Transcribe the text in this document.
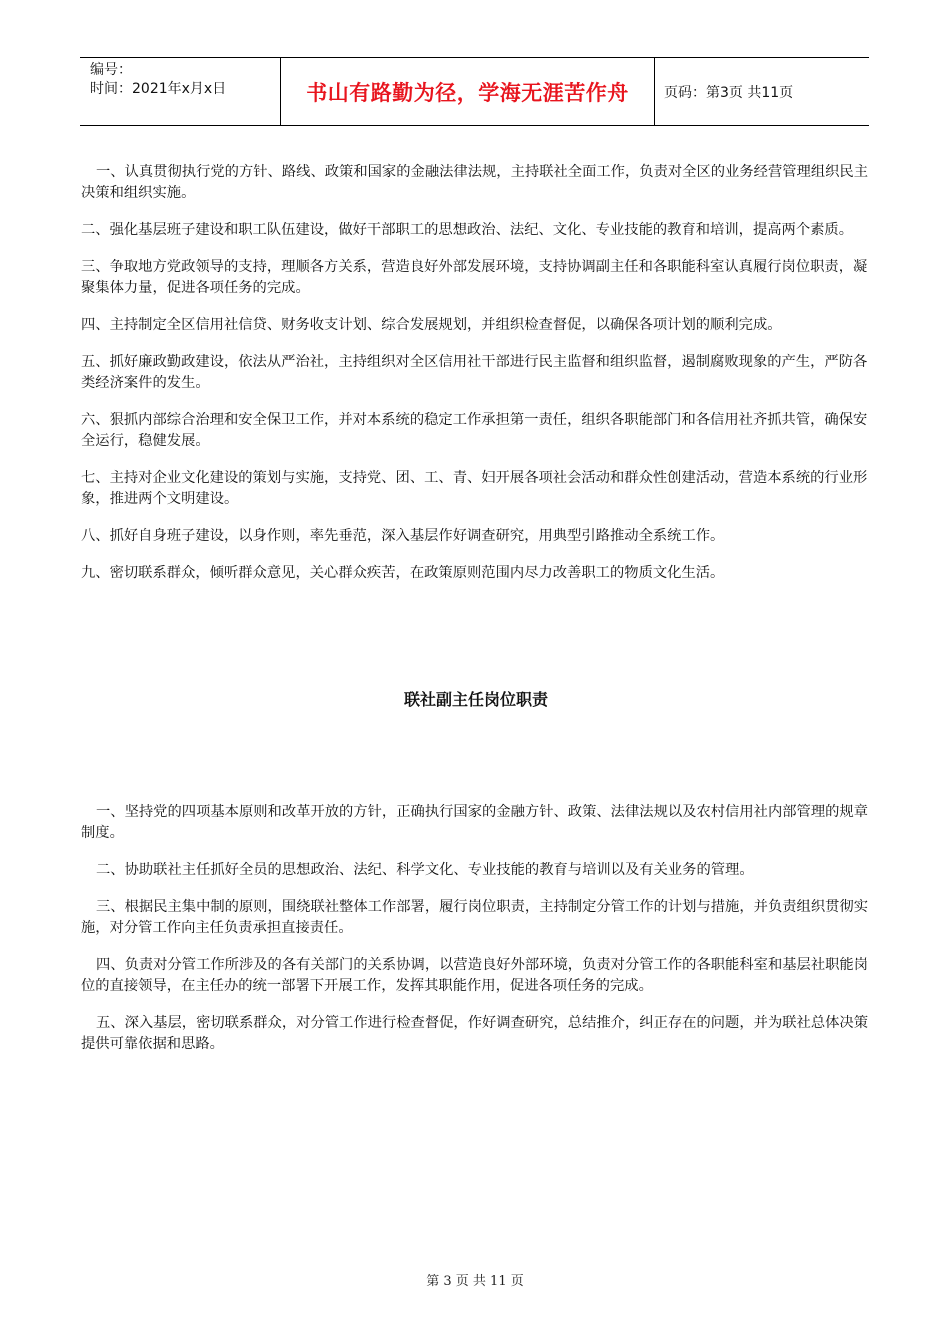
编号：
时间：2021年x月x日	书山有路勤为径，学海无涯苦作舟	页码：第3页 共11页

一、认真贯彻执行党的方针、路线、政策和国家的金融法律法规，主持联社全面工作，负责对全区的业务经营管理组织民主决策和组织实施。

二、强化基层班子建设和职工队伍建设，做好干部职工的思想政治、法纪、文化、专业技能的教育和培训，提高两个素质。

三、争取地方党政领导的支持，理顺各方关系，营造良好外部发展环境，支持协调副主任和各职能科室认真履行岗位职责，凝聚集体力量，促进各项任务的完成。

四、主持制定全区信用社信贷、财务收支计划、综合发展规划，并组织检查督促，以确保各项计划的顺利完成。

五、抓好廉政勤政建设，依法从严治社，主持组织对全区信用社干部进行民主监督和组织监督，遏制腐败现象的产生，严防各类经济案件的发生。

六、狠抓内部综合治理和安全保卫工作，并对本系统的稳定工作承担第一责任，组织各职能部门和各信用社齐抓共管，确保安全运行，稳健发展。

七、主持对企业文化建设的策划与实施，支持党、团、工、青、妇开展各项社会活动和群众性创建活动，营造本系统的行业形象，推进两个文明建设。

八、抓好自身班子建设，以身作则，率先垂范，深入基层作好调查研究，用典型引路推动全系统工作。

九、密切联系群众，倾听群众意见，关心群众疾苦，在政策原则范围内尽力改善职工的物质文化生活。

联社副主任岗位职责

一、坚持党的四项基本原则和改革开放的方针，正确执行国家的金融方针、政策、法律法规以及农村信用社内部管理的规章制度。

二、协助联社主任抓好全员的思想政治、法纪、科学文化、专业技能的教育与培训以及有关业务的管理。

三、根据民主集中制的原则，围绕联社整体工作部署，履行岗位职责，主持制定分管工作的计划与措施，并负责组织贯彻实施，对分管工作向主任负责承担直接责任。

四、负责对分管工作所涉及的各有关部门的关系协调，以营造良好外部环境，负责对分管工作的各职能科室和基层社职能岗位的直接领导，在主任办的统一部署下开展工作，发挥其职能作用，促进各项任务的完成。

五、深入基层，密切联系群众，对分管工作进行检查督促，作好调查研究，总结推介，纠正存在的问题，并为联社总体决策提供可靠依据和思路。

第 3 页 共 11 页
